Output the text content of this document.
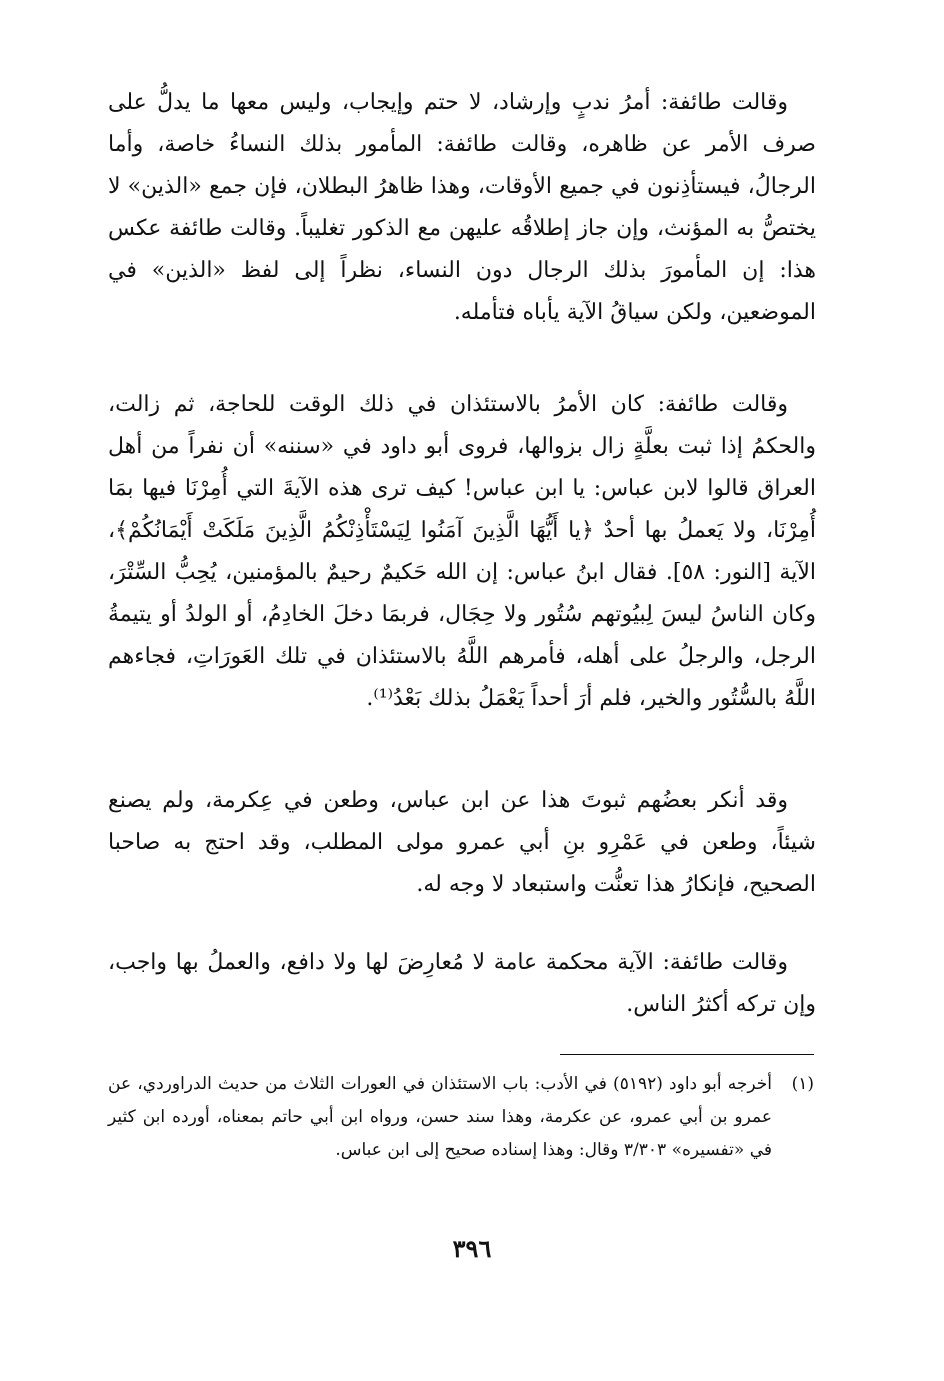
وقالت طائفة: أمرُ ندبٍ وإرشاد، لا حتم وإيجاب، وليس معها ما يدلُّ على صرف الأمر عن ظاهره، وقالت طائفة: المأمور بذلك النساءُ خاصة، وأما الرجالُ، فيستأذِنون في جميع الأوقات، وهذا ظاهرُ البطلان، فإن جمع «الذين» لا يختصُّ به المؤنث، وإن جاز إطلاقُه عليهن مع الذكور تغليباً. وقالت طائفة عكس هذا: إن المأمورَ بذلك الرجال دون النساء، نظراً إلى لفظ «الذين» في الموضعين، ولكن سياقُ الآية يأباه فتأمله.

وقالت طائفة: كان الأمرُ بالاستئذان في ذلك الوقت للحاجة، ثم زالت، والحكمُ إذا ثبت بعلَّةٍ زال بزوالها، فروى أبو داود في «سننه» أن نفراً من أهل العراق قالوا لابن عباس: يا ابن عباس! كيف ترى هذه الآيةَ التي أُمِرْنَا فيها بمَا أُمِرْنَا، ولا يَعملُ بها أحدٌ ﴿يا أَيُّهَا الَّذِينَ آمَنُوا لِيَسْتَأْذِنْكُمُ الَّذِينَ مَلَكَتْ أَيْمَانُكُمْ﴾، الآية [النور: ٥٨]. فقال ابنُ عباس: إن الله حَكيمٌ رحيمٌ بالمؤمنين، يُحِبُّ السِّتْرَ، وكان الناسُ ليسَ لِبيُوتهم سُتُور ولا حِجَال، فربمَا دخلَ الخادِمُ، أو الولدُ أو يتيمةُ الرجل، والرجلُ على أهله، فأمرهم اللَّهُ بالاستئذان في تلك العَورَاتِ، فجاءهم اللَّهُ بالسُّتُور والخير، فلم أرَ أحداً يَعْمَلُ بذلك بَعْدُ⁽¹⁾.

وقد أنكر بعضُهم ثبوتَ هذا عن ابن عباس، وطعن في عِكرمة، ولم يصنع شيئاً، وطعن في عَمْرِو بنِ أبي عمرو مولى المطلب، وقد احتج به صاحبا الصحيح، فإنكارُ هذا تعنُّت واستبعاد لا وجه له.

وقالت طائفة: الآية محكمة عامة لا مُعارِضَ لها ولا دافع، والعملُ بها واجب، وإن تركه أكثرُ الناس.

(١)
أخرجه أبو داود (٥١٩٢) في الأدب: باب الاستئذان في العورات الثلاث من حديث الدراوردي، عن عمرو بن أبي عمرو، عن عكرمة، وهذا سند حسن، ورواه ابن أبي حاتم بمعناه، أورده ابن كثير في «تفسيره» ٣/٣٠٣ وقال: وهذا إسناده صحيح إلى ابن عباس.
٣٩٦
